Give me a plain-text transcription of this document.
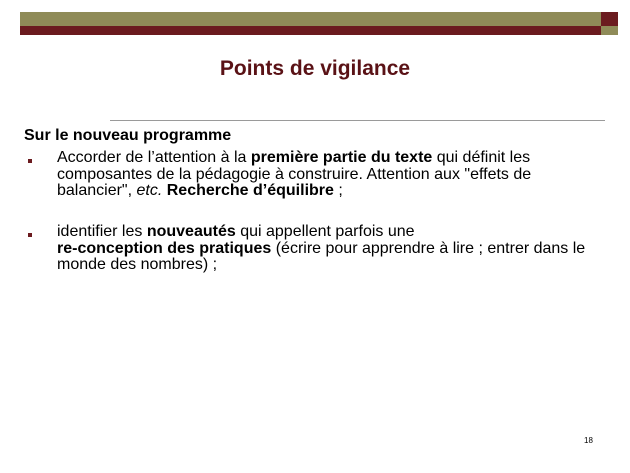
Points de vigilance
Sur le nouveau programme
Accorder de l’attention à la première partie du texte qui définit les composantes de la pédagogie à construire. Attention aux "effets de balancier", etc. Recherche d’équilibre ;
identifier les nouveautés qui appellent parfois une
re-conception des pratiques (écrire pour apprendre à lire ; entrer dans le monde des nombres) ;
18
